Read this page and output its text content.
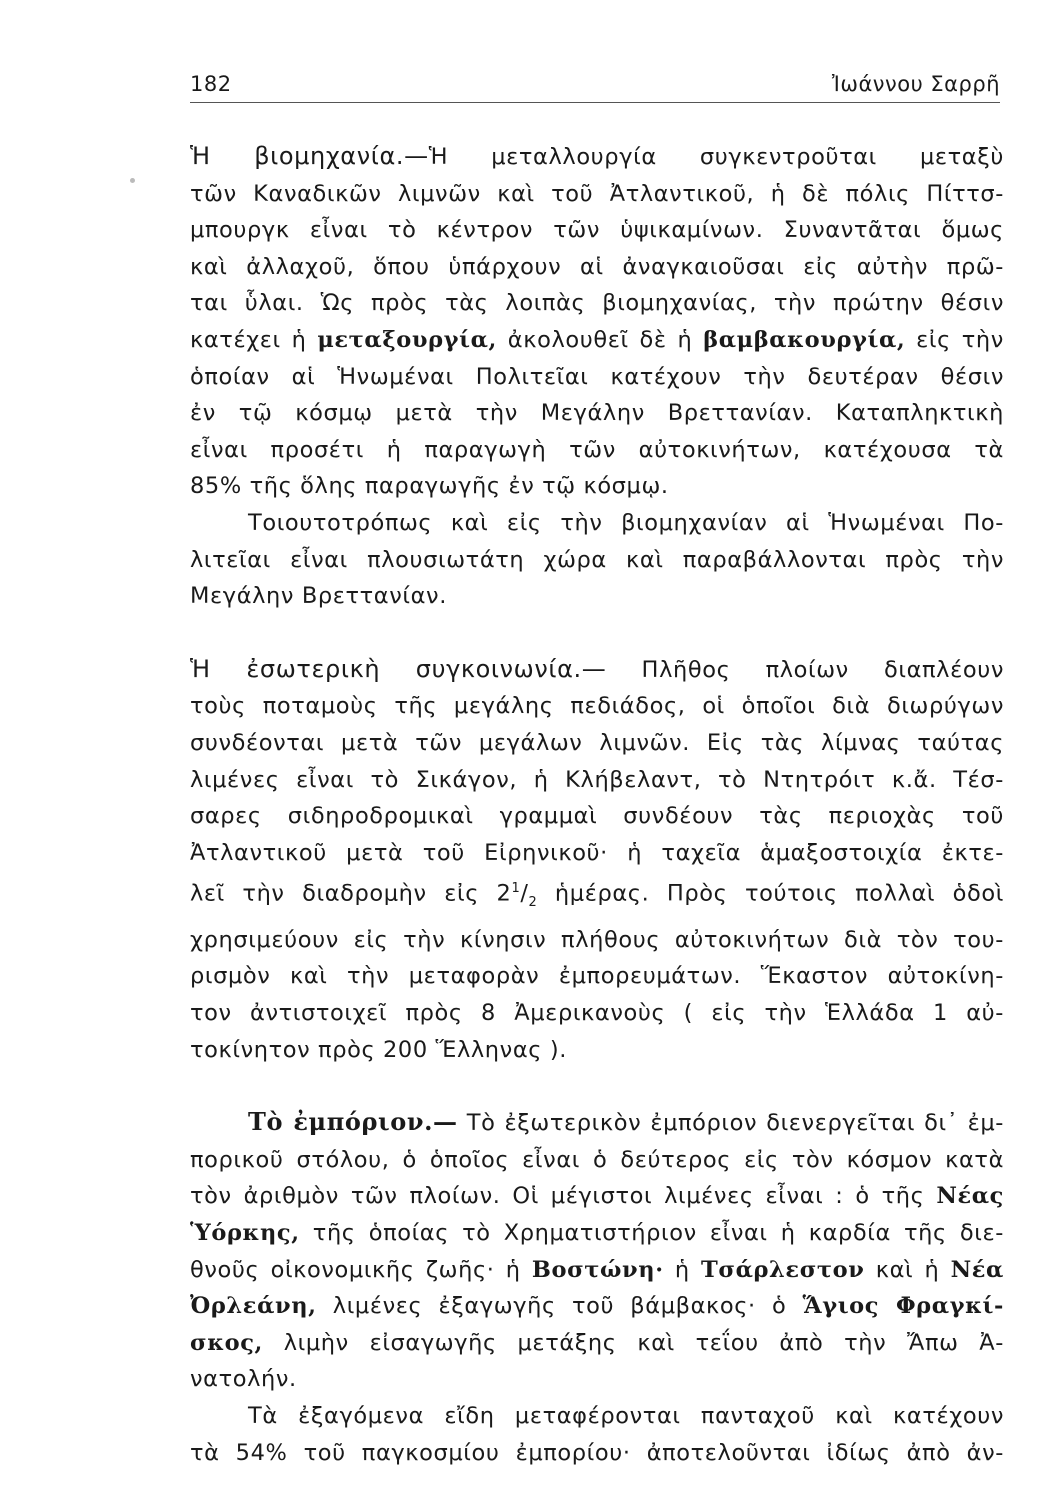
182	Ἰωάννου Σαρρῆ
Ἡ βιομηχανία.—Ἡ μεταλλουργία συγκεντροῦται μεταξὺ
τῶν Καναδικῶν λιμνῶν καὶ τοῦ Ἀτλαντικοῦ, ἡ δὲ πόλις Πίττσ-
μπουργκ εἶναι τὸ κέντρον τῶν ὑψικαμίνων. Συναντᾶται ὅμως
καὶ ἀλλαχοῦ, ὅπου ὑπάρχουν αἱ ἀναγκαιοῦσαι εἰς αὐτὴν πρῶ-
ται ὗλαι. Ὡς πρὸς τὰς λοιπὰς βιομηχανίας, τὴν πρώτην θέσιν
κατέχει ἡ μεταξουργία, ἀκολουθεῖ δὲ ἡ βαμβακουργία, εἰς τὴν
ὁποίαν αἱ Ἡνωμέναι Πολιτεῖαι κατέχουν τὴν δευτέραν θέσιν
ἐν τῷ κόσμῳ μετὰ τὴν Μεγάλην Βρεττανίαν. Καταπληκτικὴ
εἶναι προσέτι ἡ παραγωγὴ τῶν αὐτοκινήτων, κατέχουσα τὰ
85% τῆς ὅλης παραγωγῆς ἐν τῷ κόσμῳ.
Τοιουτοτρόπως καὶ εἰς τὴν βιομηχανίαν αἱ Ἡνωμέναι Πο-
λιτεῖαι εἶναι πλουσιωτάτη χώρα καὶ παραβάλλονται πρὸς τὴν
Μεγάλην Βρεττανίαν.
Ἡ ἐσωτερικὴ συγκοινωνία.— Πλῆθος πλοίων διαπλέουν
τοὺς ποταμοὺς τῆς μεγάλης πεδιάδος, οἱ ὁποῖοι διὰ διωρύγων
συνδέονται μετὰ τῶν μεγάλων λιμνῶν. Εἰς τὰς λίμνας ταύτας
λιμένες εἶναι τὸ Σικάγον, ἡ Κλήβελαντ, τὸ Ντητρόιτ κ.ἄ. Τέσ-
σαρες σιδηροδρομικαὶ γραμμαὶ συνδέουν τὰς περιοχὰς τοῦ
Ἀτλαντικοῦ μετὰ τοῦ Εἰρηνικοῦ· ἡ ταχεῖα ἁμαξοστοιχία ἐκτε-
λεῖ τὴν διαδρομὴν εἰς $2^1/_2$ ἡμέρας. Πρὸς τούτοις πολλαὶ ὁδοὶ
χρησιμεύουν εἰς τὴν κίνησιν πλήθους αὐτοκινήτων διὰ τὸν του-
ρισμὸν καὶ τὴν μεταφορὰν ἐμπορευμάτων. Ἕκαστον αὐτοκίνη-
τον ἀντιστοιχεῖ πρὸς 8 Ἀμερικανοὺς ( εἰς τὴν Ἑλλάδα 1 αὐ-
τοκίνητον πρὸς 200 Ἕλληνας ).
Τὸ ἐμπόριον.— Τὸ ἐξωτερικὸν ἐμπόριον διενεργεῖται δι᾽ ἐμ-
πορικοῦ στόλου, ὁ ὁποῖος εἶναι ὁ δεύτερος εἰς τὸν κόσμον κατὰ
τὸν ἀριθμὸν τῶν πλοίων. Οἱ μέγιστοι λιμένες εἶναι : ὁ τῆς Νέας
Ὑόρκης, τῆς ὁποίας τὸ Χρηματιστήριον εἶναι ἡ καρδία τῆς διε-
θνοῦς οἰκονομικῆς ζωῆς· ἡ Βοστώνη· ἡ Τσάρλεστον καὶ ἡ Νέα
Ὀρλεάνη, λιμένες ἐξαγωγῆς τοῦ βάμβακος· ὁ Ἅγιος Φραγκί-
σκος, λιμὴν εἰσαγωγῆς μετάξης καὶ τεΐου ἀπὸ τὴν Ἄπω Ἀ-
νατολήν.
Τὰ ἐξαγόμενα εἴδη μεταφέρονται πανταχοῦ καὶ κατέχουν
τὰ 54% τοῦ παγκοσμίου ἐμπορίου· ἀποτελοῦνται ἰδίως ἀπὸ ἀν-
